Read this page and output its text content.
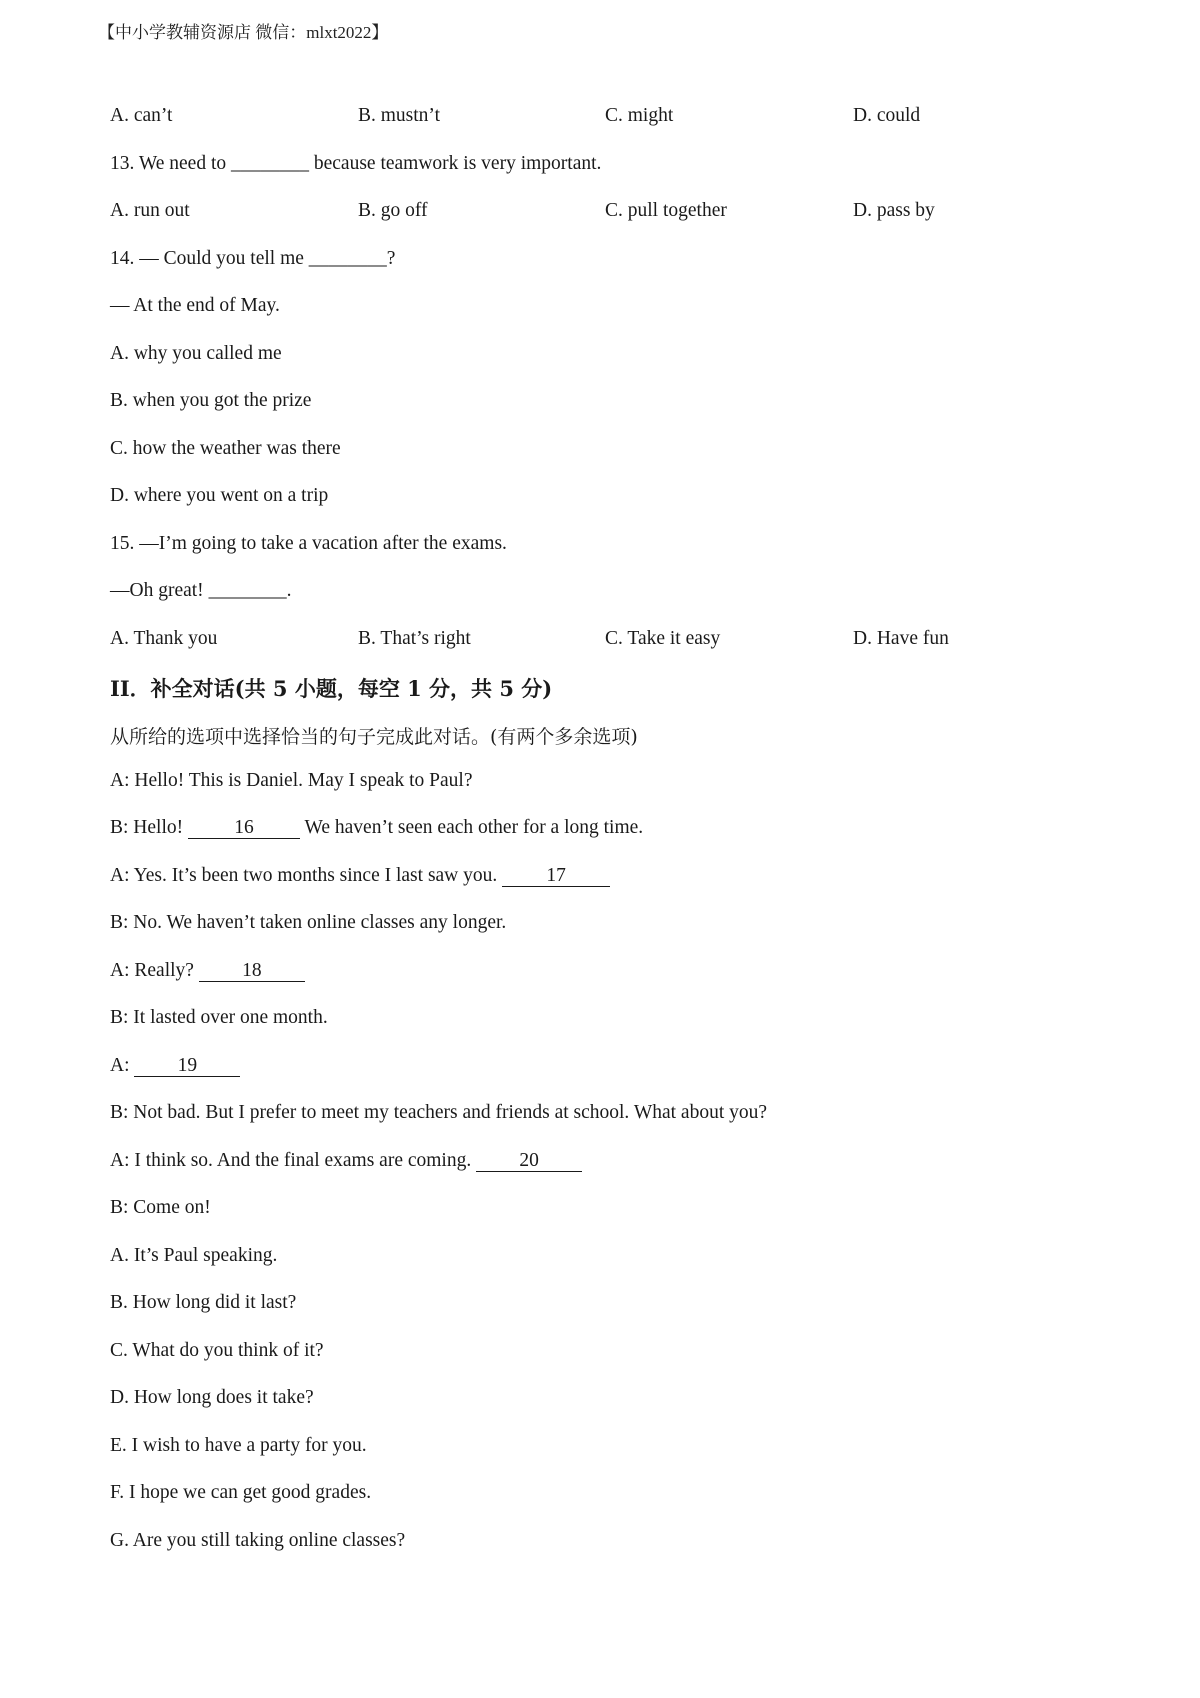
【中小学教辅资源店 微信：mlxt2022】
A. can’t	B. mustn’t	C. might	D. could
13. We need to ________ because teamwork is very important.
A. run out	B. go off	C. pull together	D. pass by
14. — Could you tell me ________?
— At the end of May.
A. why you called me
B. when you got the prize
C. how the weather was there
D. where you went on a trip
15. —I’m going to take a vacation after the exams.
—Oh great! ________.
A. Thank you	B. That’s right	C. Take it easy	D. Have fun
II．补全对话(共 5 小题，每空 1 分，共 5 分)
从所给的选项中选择恰当的句子完成此对话。(有两个多余选项)
A: Hello! This is Daniel. May I speak to Paul?
B: Hello! 16 We haven’t seen each other for a long time.
A: Yes. It’s been two months since I last saw you. 17
B: No. We haven’t taken online classes any longer.
A: Really? 18
B: It lasted over one month.
A: 19
B: Not bad. But I prefer to meet my teachers and friends at school. What about you?
A: I think so. And the final exams are coming. 20
B: Come on!
A. It’s Paul speaking.
B. How long did it last?
C. What do you think of it?
D. How long does it take?
E. I wish to have a party for you.
F. I hope we can get good grades.
G. Are you still taking online classes?
